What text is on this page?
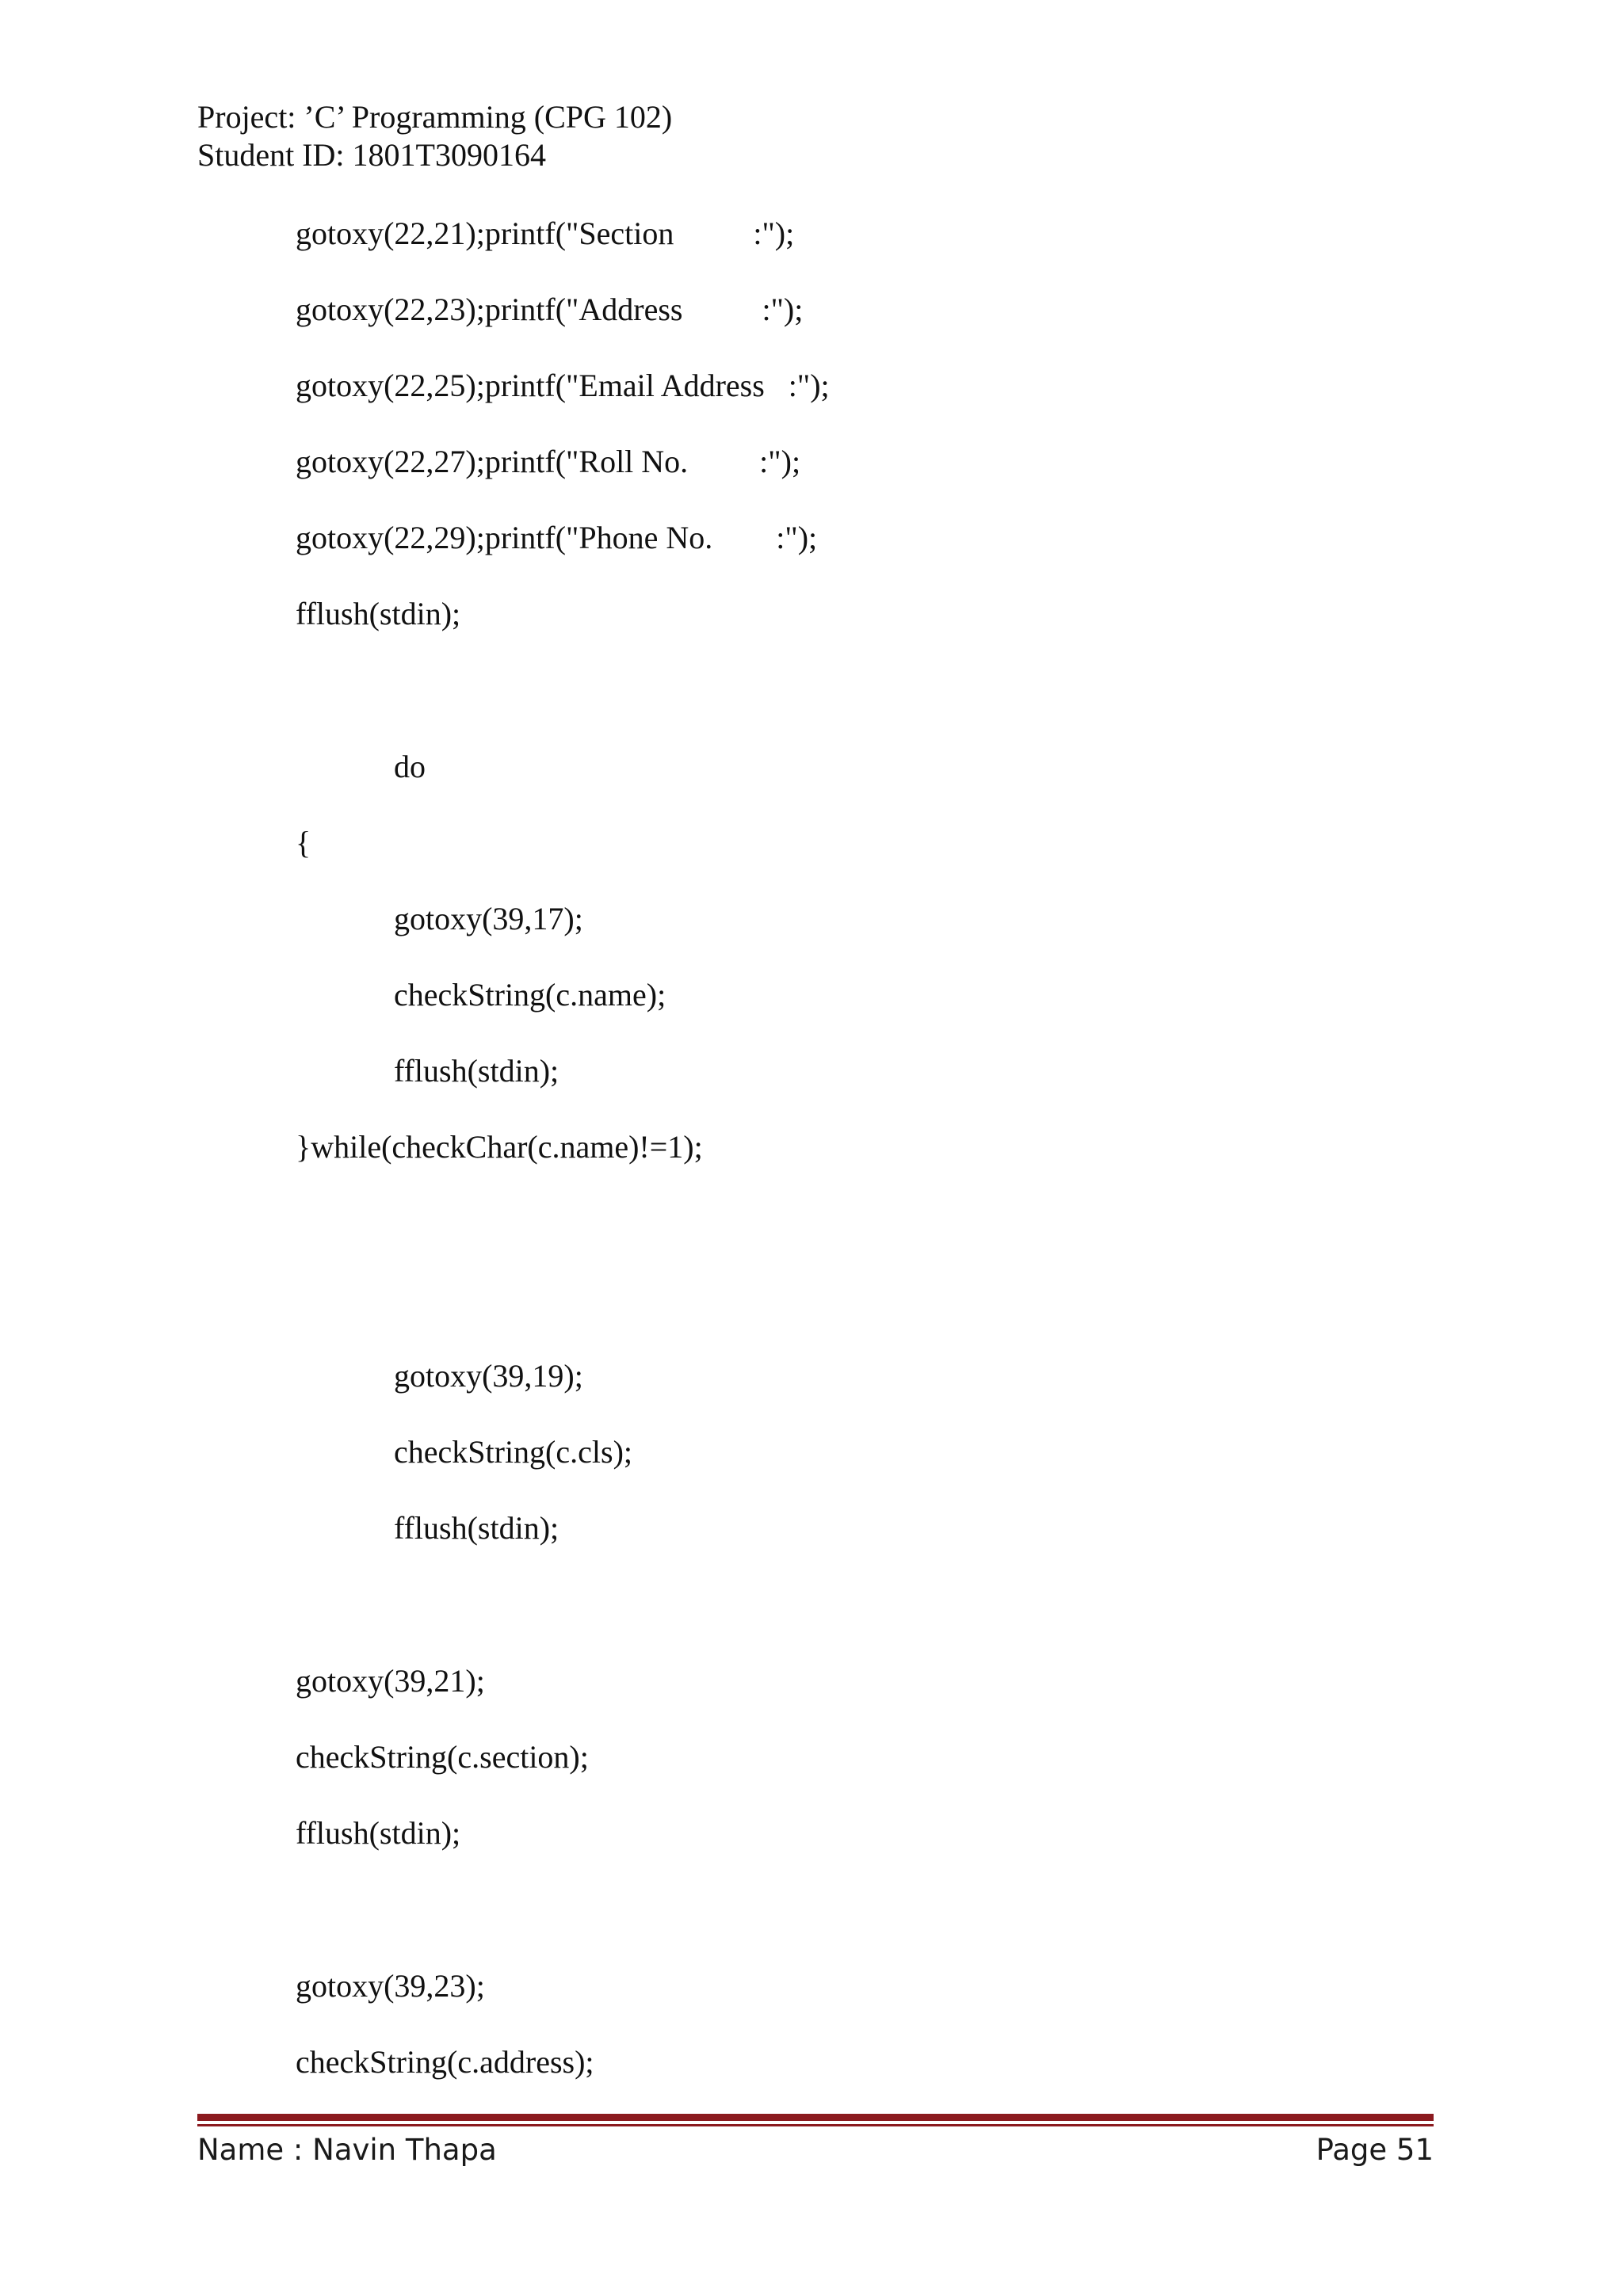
Project: ’C’ Programming (CPG 102)
Student ID: 1801T3090164
gotoxy(22,21);printf("Section          :");
gotoxy(22,23);printf("Address          :");
gotoxy(22,25);printf("Email Address   :");
gotoxy(22,27);printf("Roll No.         :");
gotoxy(22,29);printf("Phone No.        :");
fflush(stdin);
do
{
gotoxy(39,17);
checkString(c.name);
fflush(stdin);
}while(checkChar(c.name)!=1);
gotoxy(39,19);
checkString(c.cls);
fflush(stdin);
gotoxy(39,21);
checkString(c.section);
fflush(stdin);
gotoxy(39,23);
checkString(c.address);
Name : Navin Thapa	Page 51
